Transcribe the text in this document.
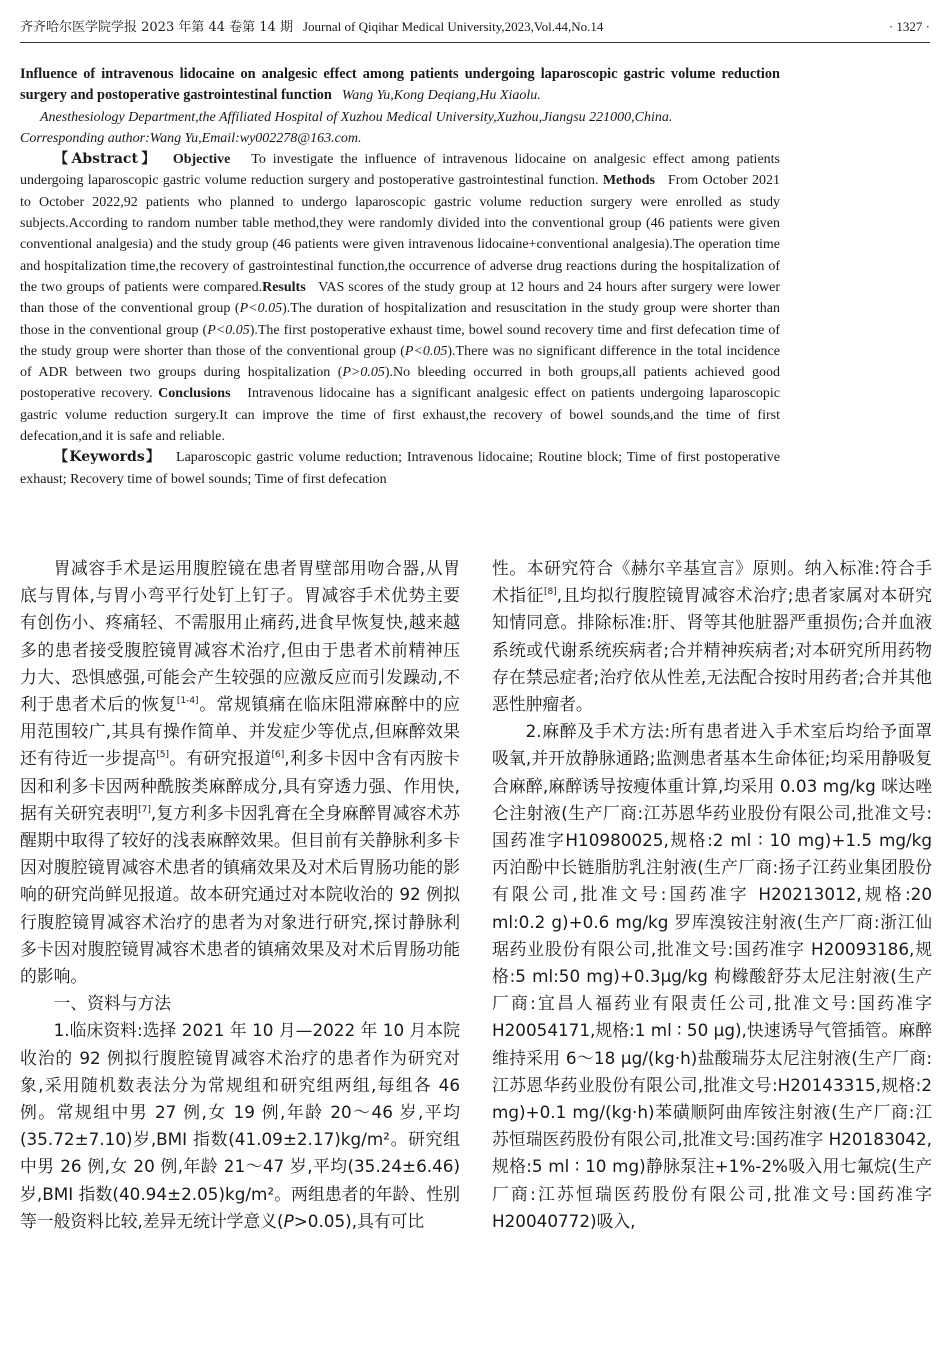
齐齐哈尔医学院学报 2023 年第 44 卷第 14 期 Journal of Qiqihar Medical University,2023,Vol.44,No.14	· 1327 ·

Influence of intravenous lidocaine on analgesic effect among patients undergoing laparoscopic gastric volume reduction surgery and postoperative gastrointestinal function Wang Yu,Kong Deqiang,Hu Xiaolu.

Anesthesiology Department,the Affiliated Hospital of Xuzhou Medical University,Xuzhou,Jiangsu 221000,China.

Corresponding author:Wang Yu,Email:wy002278@163.com.

【Abstract】 Objective To investigate the influence of intravenous lidocaine on analgesic effect among patients undergoing laparoscopic gastric volume reduction surgery and postoperative gastrointestinal function. Methods From October 2021 to October 2022,92 patients who planned to undergo laparoscopic gastric volume reduction surgery were enrolled as study subjects.According to random number table method,they were randomly divided into the conventional group (46 patients were given conventional analgesia) and the study group (46 patients were given intravenous lidocaine+conventional analgesia).The operation time and hospitalization time,the recovery of gastrointestinal function,the occurrence of adverse drug reactions during the hospitalization of the two groups of patients were compared.Results VAS scores of the study group at 12 hours and 24 hours after surgery were lower than those of the conventional group (P<0.05).The duration of hospitalization and resuscitation in the study group were shorter than those in the conventional group (P<0.05).The first postoperative exhaust time, bowel sound recovery time and first defecation time of the study group were shorter than those of the conventional group (P<0.05).There was no significant difference in the total incidence of ADR between two groups during hospitalization (P>0.05).No bleeding occurred in both groups,all patients achieved good postoperative recovery. Conclusions Intravenous lidocaine has a significant analgesic effect on patients undergoing laparoscopic gastric volume reduction surgery.It can improve the time of first exhaust,the recovery of bowel sounds,and the time of first defecation,and it is safe and reliable.

【Keywords】 Laparoscopic gastric volume reduction; Intravenous lidocaine; Routine block; Time of first postoperative exhaust; Recovery time of bowel sounds; Time of first defecation

胃减容手术是运用腹腔镜在患者胃壁部用吻合器,从胃底与胃体,与胃小弯平行处钉上钉子。胃减容手术优势主要有创伤小、疼痛轻、不需服用止痛药,进食早恢复快,越来越多的患者接受腹腔镜胃减容术治疗,但由于患者术前精神压力大、恐惧感强,可能会产生较强的应激反应而引发躁动,不利于患者术后的恢复[1-4]。常规镇痛在临床阻滞麻醉中的应用范围较广,其具有操作简单、并发症少等优点,但麻醉效果还有待近一步提高[5]。有研究报道[6],利多卡因中含有丙胺卡因和利多卡因两种酰胺类麻醉成分,具有穿透力强、作用快,据有关研究表明[7],复方利多卡因乳膏在全身麻醉胃减容术苏醒期中取得了较好的浅表麻醉效果。但目前有关静脉利多卡因对腹腔镜胃减容术患者的镇痛效果及对术后胃肠功能的影响的研究尚鲜见报道。故本研究通过对本院收治的 92 例拟行腹腔镜胃减容术治疗的患者为对象进行研究,探讨静脉利多卡因对腹腔镜胃减容术患者的镇痛效果及对术后胃肠功能的影响。

一、资料与方法

1.临床资料:选择 2021 年 10 月—2022 年 10 月本院收治的 92 例拟行腹腔镜胃减容术治疗的患者作为研究对象,采用随机数表法分为常规组和研究组两组,每组各 46 例。常规组中男 27 例,女 19 例,年龄 20～46 岁,平均(35.72±7.10)岁,BMI 指数(41.09±2.17)kg/m²。研究组中男 26 例,女 20 例,年龄 21～47 岁,平均(35.24±6.46)岁,BMI 指数(40.94±2.05)kg/m²。两组患者的年龄、性别等一般资料比较,差异无统计学意义(P>0.05),具有可比

性。本研究符合《赫尔辛基宣言》原则。纳入标准:符合手术指征[8],且均拟行腹腔镜胃减容术治疗;患者家属对本研究知情同意。排除标准:肝、肾等其他脏器严重损伤;合并血液系统或代谢系统疾病者;合并精神疾病者;对本研究所用药物存在禁忌症者;治疗依从性差,无法配合按时用药者;合并其他恶性肿瘤者。

2.麻醉及手术方法:所有患者进入手术室后均给予面罩吸氧,并开放静脉通路;监测患者基本生命体征;均采用静吸复合麻醉,麻醉诱导按瘦体重计算,均采用 0.03 mg/kg 咪达唑仑注射液(生产厂商:江苏恩华药业股份有限公司,批准文号:国药准字H10980025,规格:2 ml ∶ 10 mg)+1.5 mg/kg 丙泊酚中长链脂肪乳注射液(生产厂商:扬子江药业集团股份有限公司,批准文号:国药准字 H20213012,规格:20 ml:0.2 g)+0.6 mg/kg 罗库溴铵注射液(生产厂商:浙江仙琚药业股份有限公司,批准文号:国药准字 H20093186,规格:5 ml:50 mg)+0.3μg/kg 枸橼酸舒芬太尼注射液(生产厂商:宜昌人福药业有限责任公司,批准文号:国药准字 H20054171,规格:1 ml ∶ 50 μg),快速诱导气管插管。麻醉维持采用 6～18 μg/(kg·h)盐酸瑞芬太尼注射液(生产厂商:江苏恩华药业股份有限公司,批准文号:H20143315,规格:2 mg)+0.1 mg/(kg·h)苯磺顺阿曲库铵注射液(生产厂商:江苏恒瑞医药股份有限公司,批准文号:国药准字 H20183042,规格:5 ml ∶ 10 mg)静脉泵注+1%-2%吸入用七氟烷(生产厂商:江苏恒瑞医药股份有限公司,批准文号:国药准字 H20040772)吸入,
